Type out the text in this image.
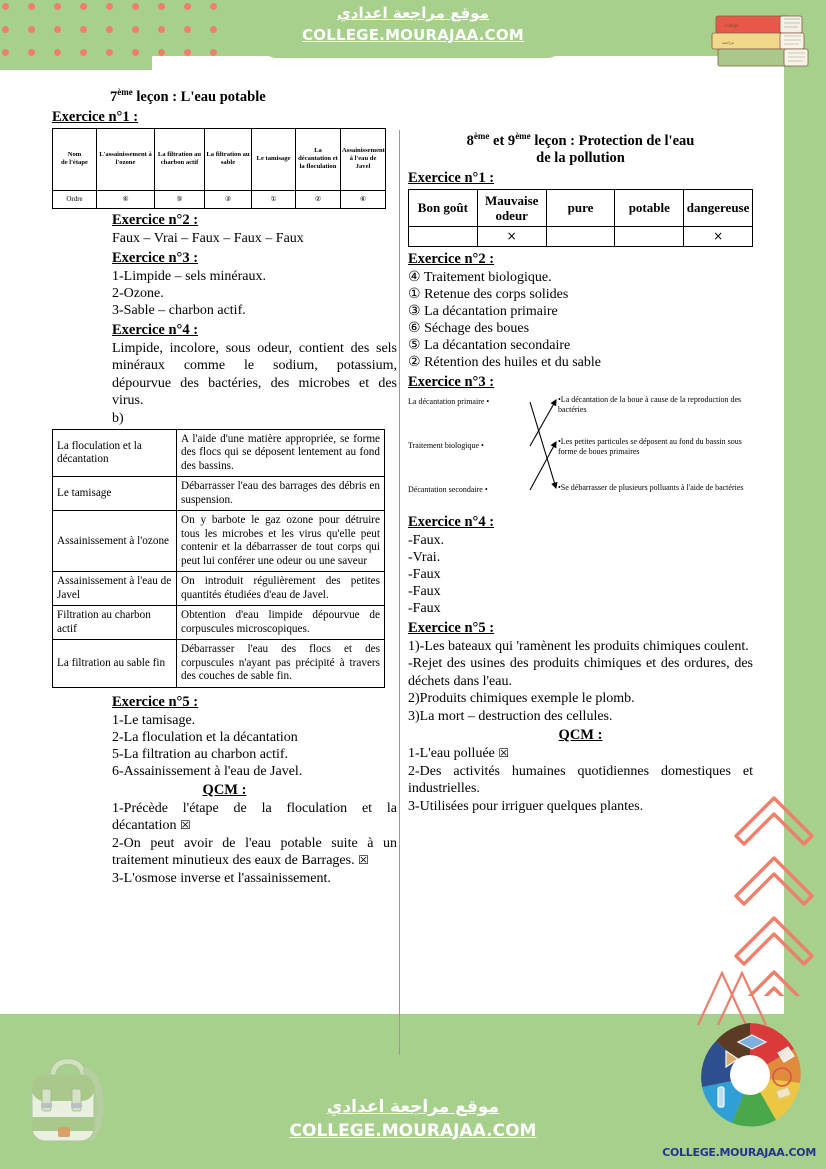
موقع مراجعة اعدادي
COLLEGE.MOURAJAA.COM
college
مراجعة
7ème leçon : L'eau potable
Exercice n°1 :
Nom
de l'étape	L'assainissement à l'ozone	La filtration au charbon actif	La filtration au sable	Le tamisage	La décantation et la floculation	Assainissement à l'eau de Javel
Ordre	④	⑤	③	①	②	⑥
Exercice n°2 :
Faux – Vrai – Faux – Faux – Faux
Exercice n°3 :
1-Limpide – sels minéraux.
2-Ozone.
3-Sable – charbon actif.
Exercice n°4 :
Limpide, incolore, sous odeur, contient des sels minéraux comme le sodium, potassium, dépourvue des bactéries, des microbes et des virus.
b)
La floculation et la décantation	A l'aide d'une matière appropriée, se forme des flocs qui se déposent lentement au fond des bassins.
Le tamisage	Débarrasser l'eau des barrages des débris en suspension.
Assainissement à l'ozone	On y barbote le gaz ozone pour détruire tous les microbes et les virus qu'elle peut contenir et la débarrasser de tout corps qui peut lui conférer une odeur ou une saveur
Assainissement à l'eau de Javel	On introduit régulièrement des petites quantités étudiées d'eau de Javel.
Filtration au charbon actif	Obtention d'eau limpide dépourvue de corpuscules microscopiques.
La filtration au sable fin	Débarrasser l'eau des flocs et des corpuscules n'ayant pas précipité à travers des couches de sable fin.
Exercice n°5 :
1-Le tamisage.
2-La floculation et la décantation
5-La filtration au charbon actif.
6-Assainissement à l'eau de Javel.
QCM :
1-Précède l'étape de la floculation et la décantation ☒
2-On peut avoir de l'eau potable suite à un traitement minutieux des eaux de Barrages. ☒
3-L'osmose inverse et l'assainissement.
8ème et 9ème leçon : Protection de l'eau
de la pollution
Exercice n°1 :
Bon goût	Mauvaise odeur	pure	potable	dangereuse
	×			×
Exercice n°2 :
④ Traitement biologique.
① Retenue des corps solides
③ La décantation primaire
⑥ Séchage des boues
⑤ La décantation secondaire
② Rétention des huiles et du sable
Exercice n°3 :
La décantation primaire •
Traitement biologique •
Décantation secondaire •
•La décantation de la boue à cause de la reproduction des bactéries
•Les petites particules se déposent au fond du bassin sous forme de boues primaires
•Se débarrasser de plusieurs polluants à l'aide de bactéries
Exercice n°4 :
-Faux.
-Vrai.
-Faux
-Faux
-Faux
Exercice n°5 :
1)-Les bateaux qui 'ramènent les produits chimiques coulent.
-Rejet des usines des produits chimiques et des ordures, des déchets dans l'eau.
2)Produits chimiques exemple le plomb.
3)La mort – destruction des cellules.
QCM :
1-L'eau polluée ☒
2-Des activités humaines quotidiennes domestiques et industrielles.
3-Utilisées pour irriguer quelques plantes.
موقع مراجعة اعدادي
COLLEGE.MOURAJAA.COM
COLLEGE.MOURAJAA.COM
